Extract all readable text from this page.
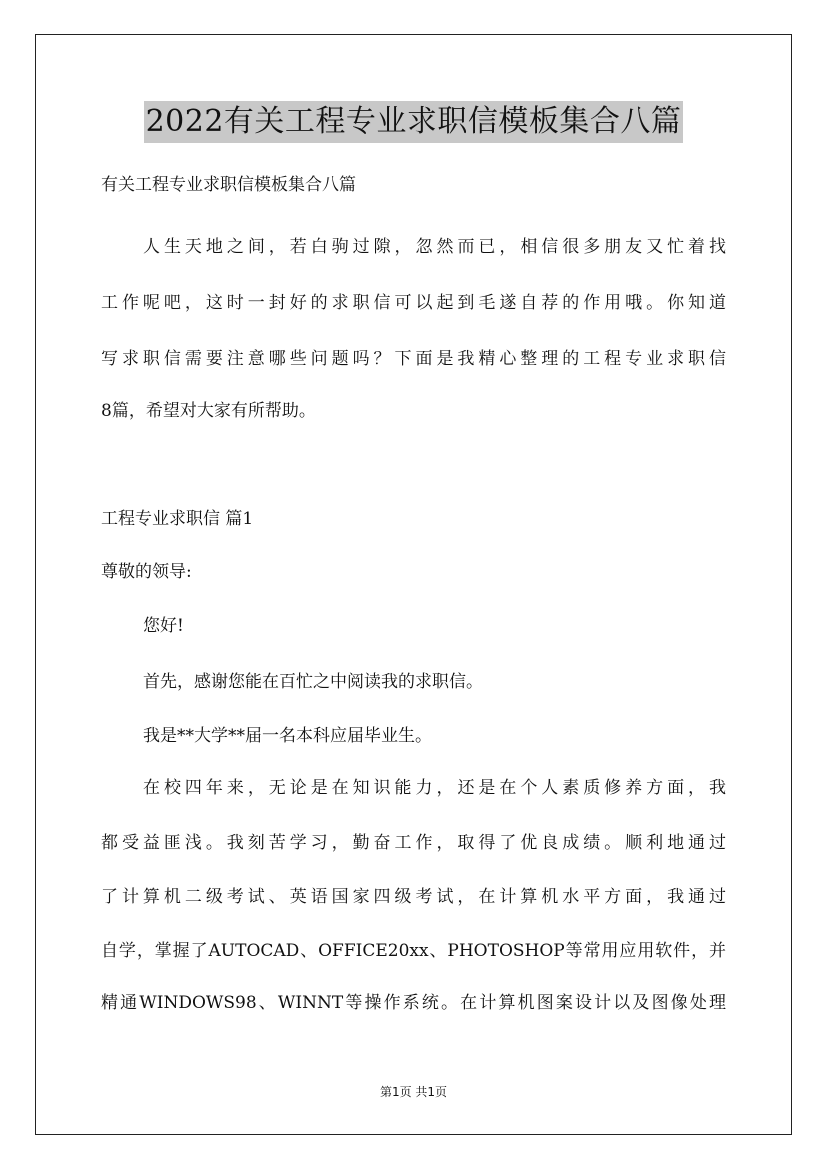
2022有关工程专业求职信模板集合八篇
有关工程专业求职信模板集合八篇
人生天地之间，若白驹过隙，忽然而已，相信很多朋友又忙着找
工作呢吧，这时一封好的求职信可以起到毛遂自荐的作用哦。你知道
写求职信需要注意哪些问题吗？下面是我精心整理的工程专业求职信
8篇，希望对大家有所帮助。
工程专业求职信 篇1
尊敬的领导:
您好!
首先，感谢您能在百忙之中阅读我的求职信。
我是**大学**届一名本科应届毕业生。
在校四年来，无论是在知识能力，还是在个人素质修养方面，我
都受益匪浅。我刻苦学习，勤奋工作，取得了优良成绩。顺利地通过
了计算机二级考试、英语国家四级考试，在计算机水平方面，我通过
自学，掌握了AUTOCAD、OFFICE20xx、PHOTOSHOP等常用应用软件，并
精通WINDOWS98、WINNT等操作系统。在计算机图案设计以及图像处理
第1页 共1页
